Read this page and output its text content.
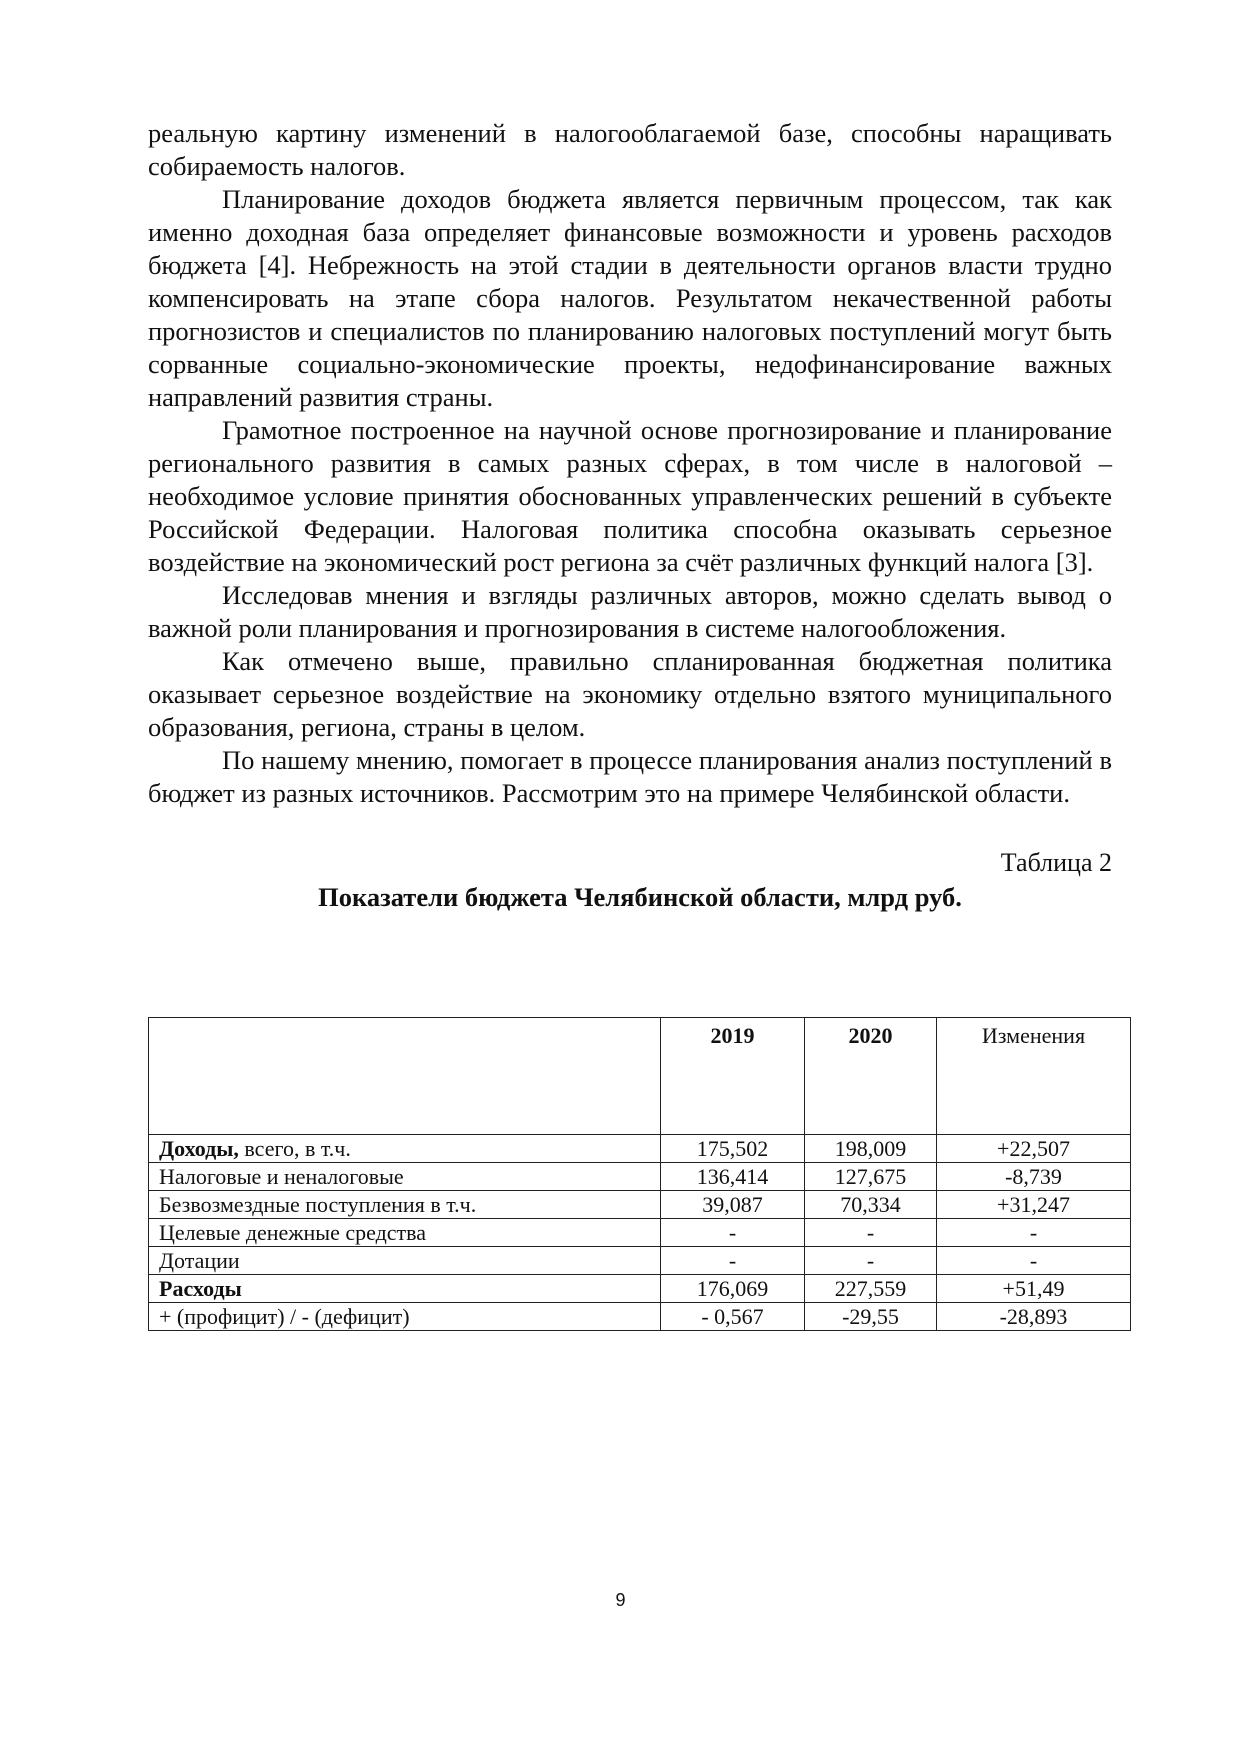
реальную картину изменений в налогооблагаемой базе, способны наращивать собираемость налогов.

Планирование доходов бюджета является первичным процессом, так как именно доходная база определяет финансовые возможности и уровень расходов бюджета [4]. Небрежность на этой стадии в деятельности органов власти трудно компенсировать на этапе сбора налогов. Результатом некачественной работы прогнозистов и специалистов по планированию налоговых поступлений могут быть сорванные социально-экономические проекты, недофинансирование важных направлений развития страны.

Грамотное построенное на научной основе прогнозирование и планирование регионального развития в самых разных сферах, в том числе в налоговой – необходимое условие принятия обоснованных управленческих решений в субъекте Российской Федерации. Налоговая политика способна оказывать серьезное воздействие на экономический рост региона за счёт различных функций налога [3].

Исследовав мнения и взгляды различных авторов, можно сделать вывод о важной роли планирования и прогнозирования в системе налогообложения.

Как отмечено выше, правильно спланированная бюджетная политика оказывает серьезное воздействие на экономику отдельно взятого муниципального образования, региона, страны в целом.

По нашему мнению, помогает в процессе планирования анализ поступлений в бюджет из разных источников. Рассмотрим это на примере Челябинской области.

Таблица 2
Показатели бюджета Челябинской области, млрд руб.
	2019	2020	Изменения
Доходы, всего, в т.ч.	175,502	198,009	+22,507
Налоговые и неналоговые	136,414	127,675	-8,739
Безвозмездные поступления в т.ч.	39,087	70,334	+31,247
Целевые денежные средства	-	-	-
Дотации	-	-	-
Расходы	176,069	227,559	+51,49
+ (профицит) / - (дефицит)	- 0,567	-29,55	-28,893
9
